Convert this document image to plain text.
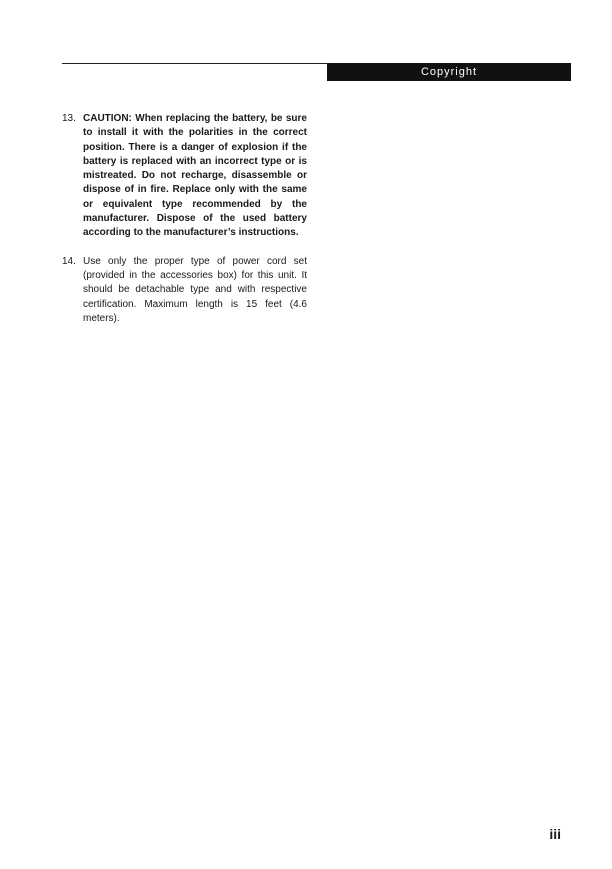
Copyright
13. CAUTION: When replacing the battery, be sure to install it with the polarities in the correct position. There is a danger of explosion if the battery is replaced with an incorrect type or is mistreated. Do not recharge, disassemble or dispose of in fire. Replace only with the same or equivalent type recommended by the manufacturer. Dispose of the used battery according to the manufacturer’s instructions.
14. Use only the proper type of power cord set (provided in the accessories box) for this unit. It should be detachable type and with respective certification. Maximum length is 15 feet (4.6 meters).
iii
